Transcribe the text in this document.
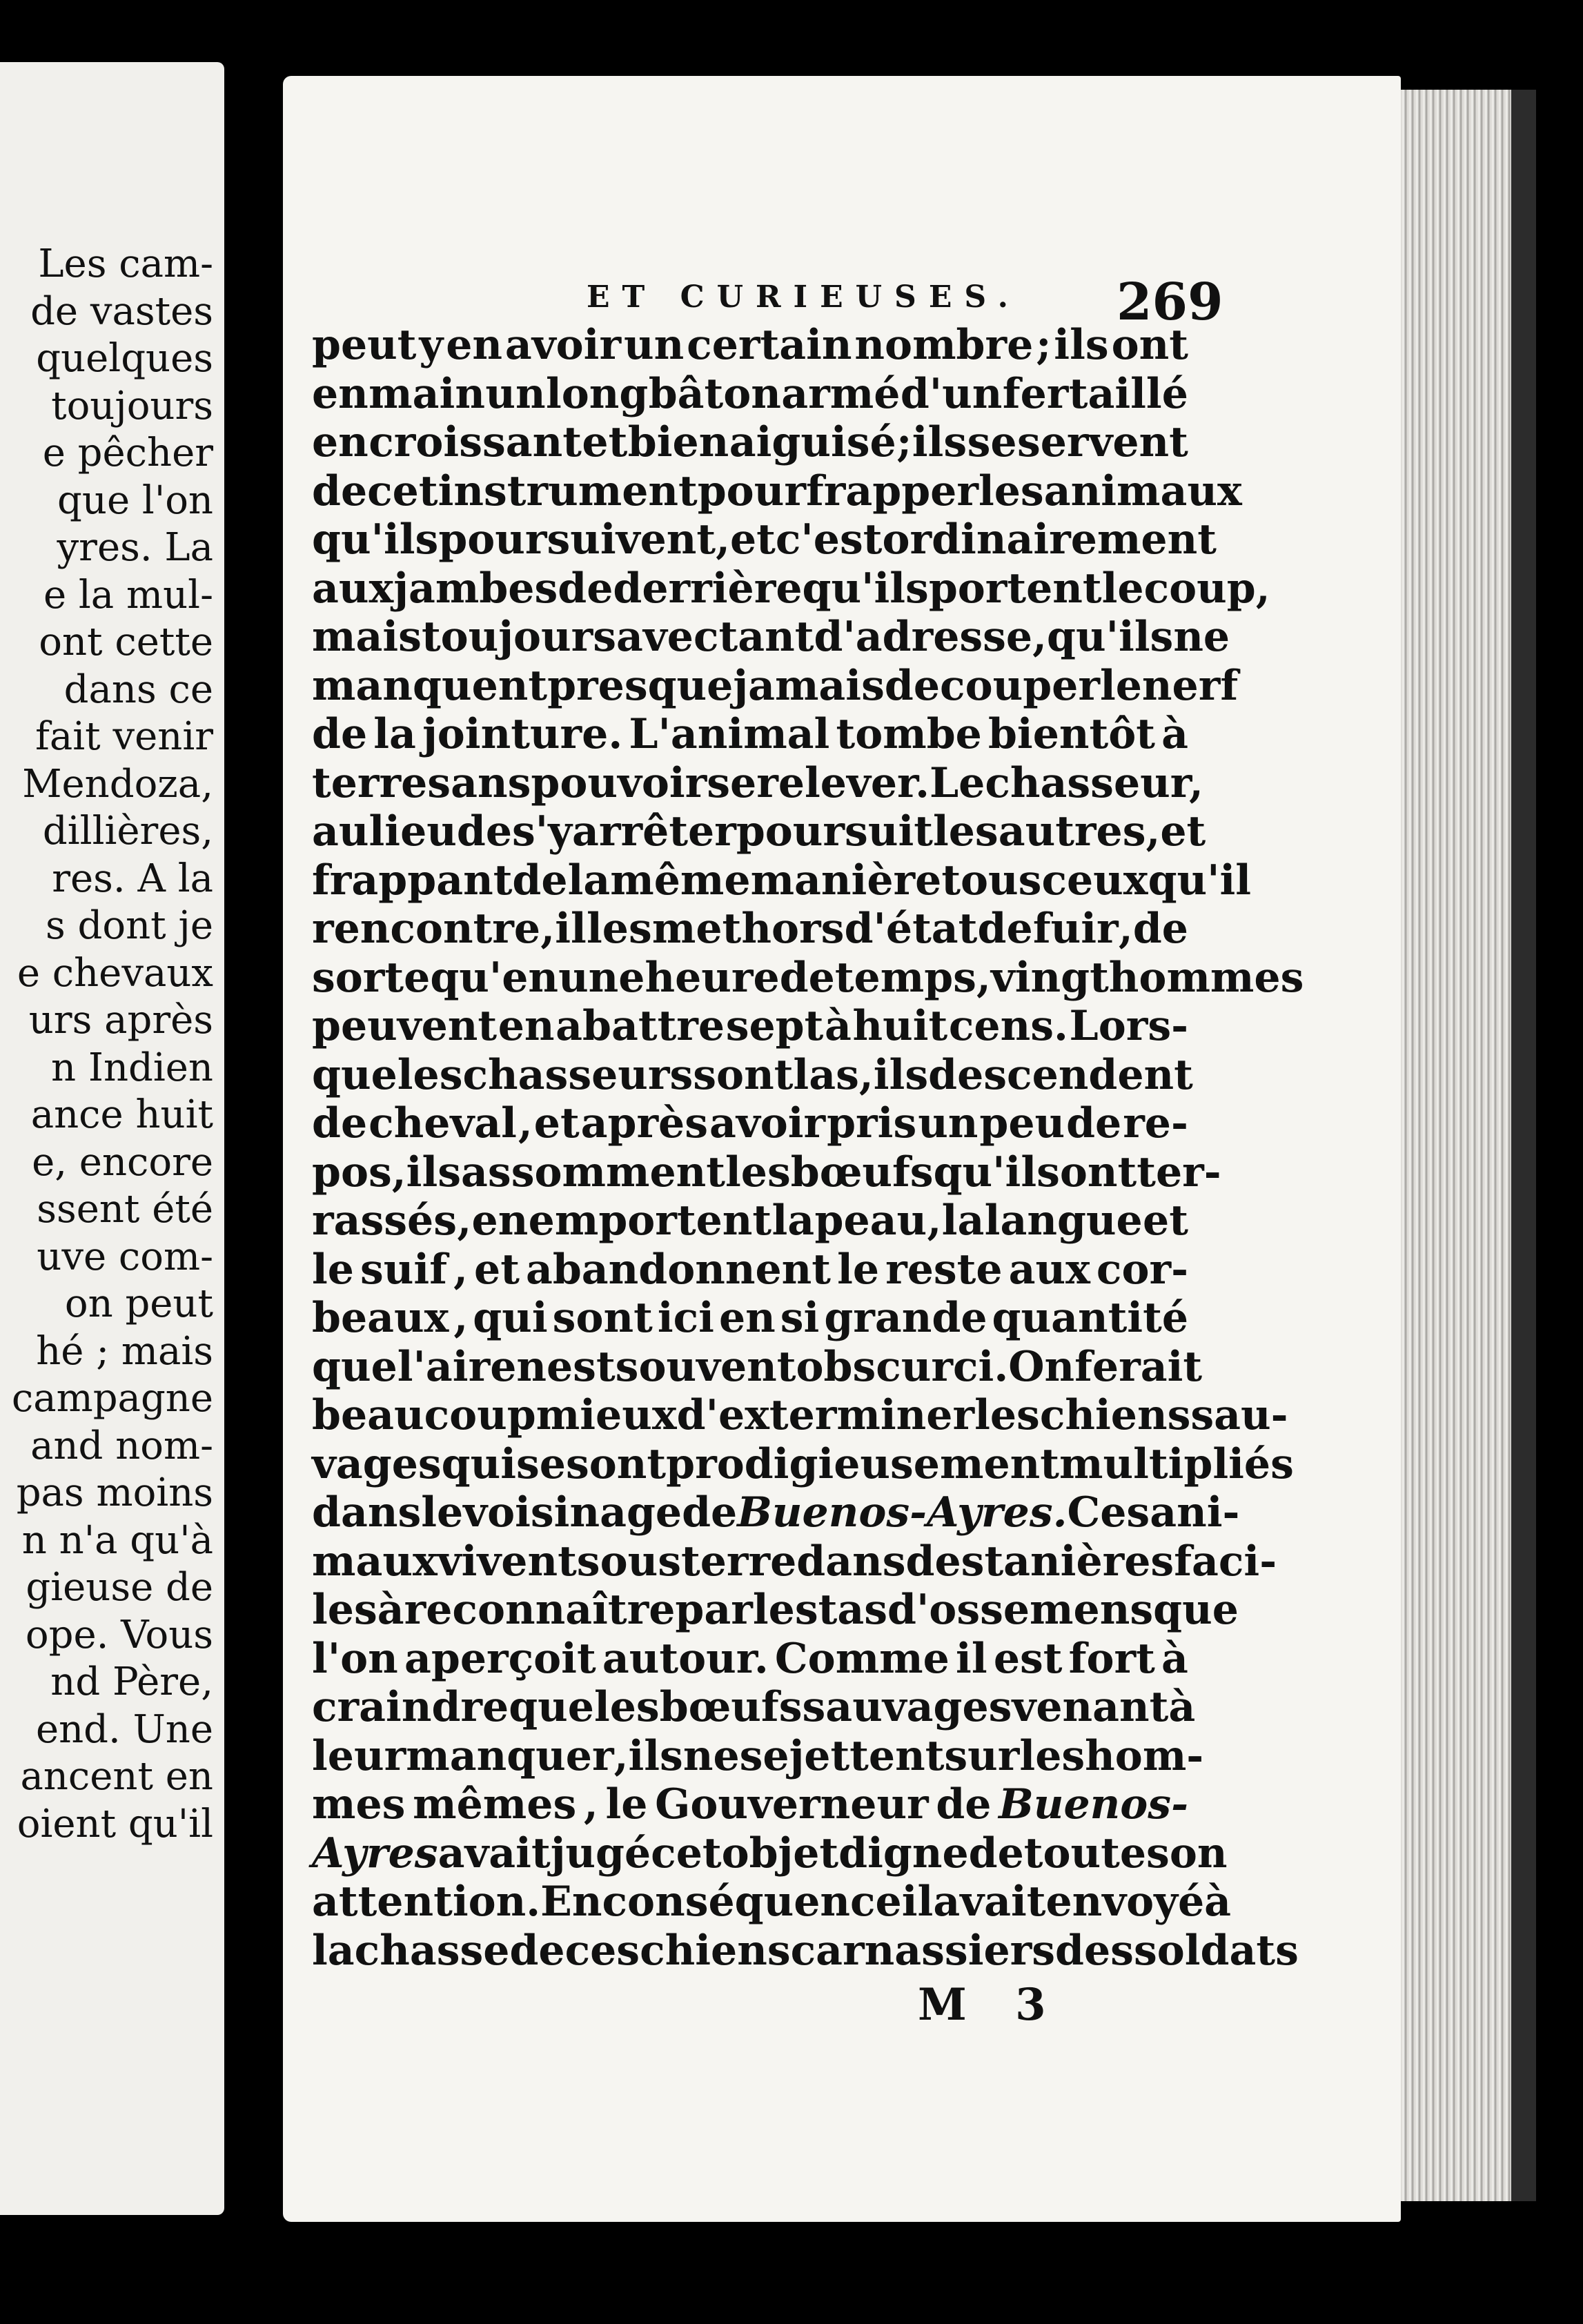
Les cam-
de vastes
quelques
toujours
e pêcher
que l'on
yres. La
e la mul-
ont cette
dans ce
fait venir
Mendoza,
dillières,
res. A la
s dont je
e chevaux
urs après
n Indien
ance huit
e, encore
ssent été
uve com-
on peut
hé ; mais
campagne
and nom-
pas moins
n n'a qu'à
gieuse de
ope. Vous
nd Père,
end. Une
ancent en
oient qu'il
ET CURIEUSES. 269
peut y en avoir un certain nombre ; ils ont
en main un long bâton armé d'un fer taillé
en croissant et bien aiguisé ; ils se servent
de cet instrument pour frapper les animaux
qu'ils poursuivent , et c'est ordinairement
aux jambes de derrière qu'ils portent le coup ,
mais toujours avec tant d'adresse , qu'ils ne
manquent presque jamais de couper le nerf
de la jointure. L'animal tombe bientôt à
terre sans pouvoir se relever. Le chasseur,
au lieu de s'y arrêter poursuit les autres , et
frappant de la même manière tous ceux qu'il
rencontre , il les met hors d'état de fuir , de
sorte qu'en une heure de temps , vingt hommes
peuvent en abattre sept à huit cens. Lors-
que les chasseurs sont las , ils descendent
de cheval , et après avoir pris un peu de re-
pos , ils assomment les bœufs qu'ils ont ter-
rassés , en emportent la peau , la langue et
le suif , et abandonnent le reste aux cor-
beaux , qui sont ici en si grande quantité
que l'air en est souvent obscurci. On ferait
beaucoup mieux d'exterminer les chiens sau-
vages qui se sont prodigieusement multipliés
dans le voisinage de Buenos-Ayres. Ces ani-
maux vivent sous terre dans des tanières faci-
les à reconnaître par les tas d'ossemens que
l'on aperçoit autour. Comme il est fort à
craindre que les bœufs sauvages venant à
leur manquer , ils ne se jettent sur les hom-
mes mêmes , le Gouverneur de Buenos-
Ayres avait jugé cet objet digne de toute son
attention. En conséquence il avait envoyé à
la chasse de ces chiens carnassiers des soldats
M 3
